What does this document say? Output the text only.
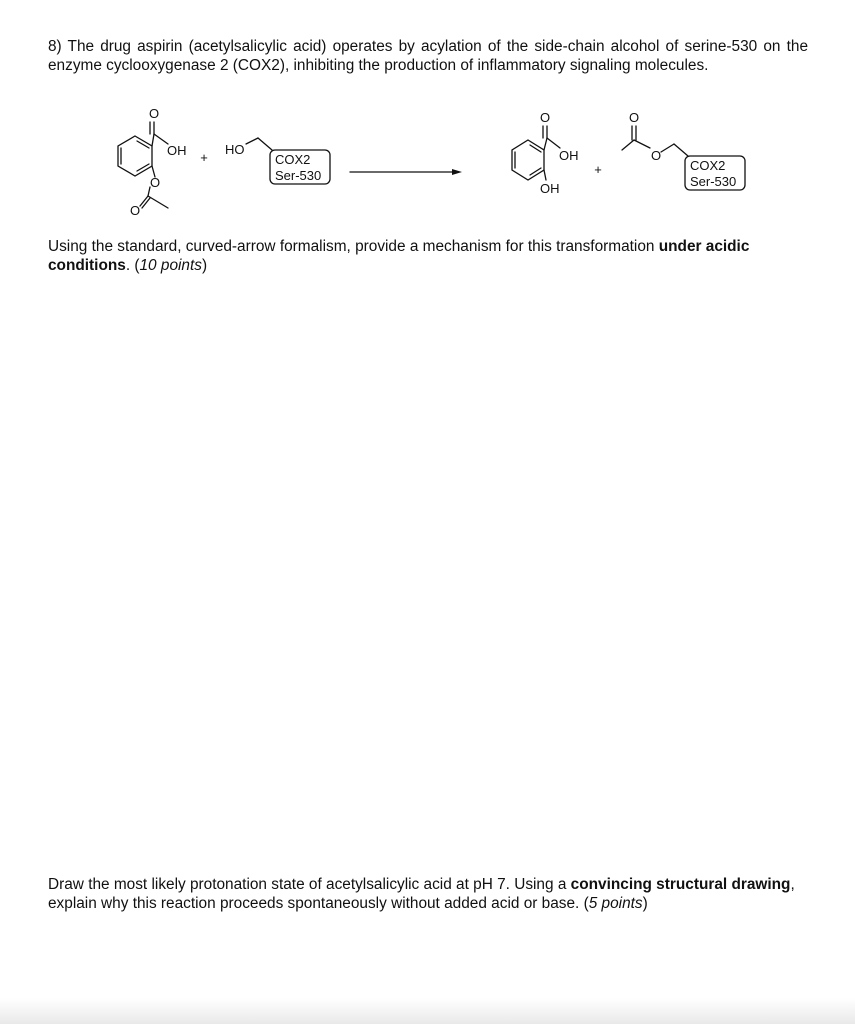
8) The drug aspirin (acetylsalicylic acid) operates by acylation of the side-chain alcohol of serine-530 on the enzyme cyclooxygenase 2 (COX2), inhibiting the production of inflammatory signaling molecules.

O
OH
O
O
+
HO
COX2
Ser-530
O
OH
OH
+
O
O
COX2
Ser-530

Using the standard, curved-arrow formalism, provide a mechanism for this transformation under acidic conditions. (10 points)

Draw the most likely protonation state of acetylsalicylic acid at pH 7. Using a convincing structural drawing, explain why this reaction proceeds spontaneously without added acid or base. (5 points)
